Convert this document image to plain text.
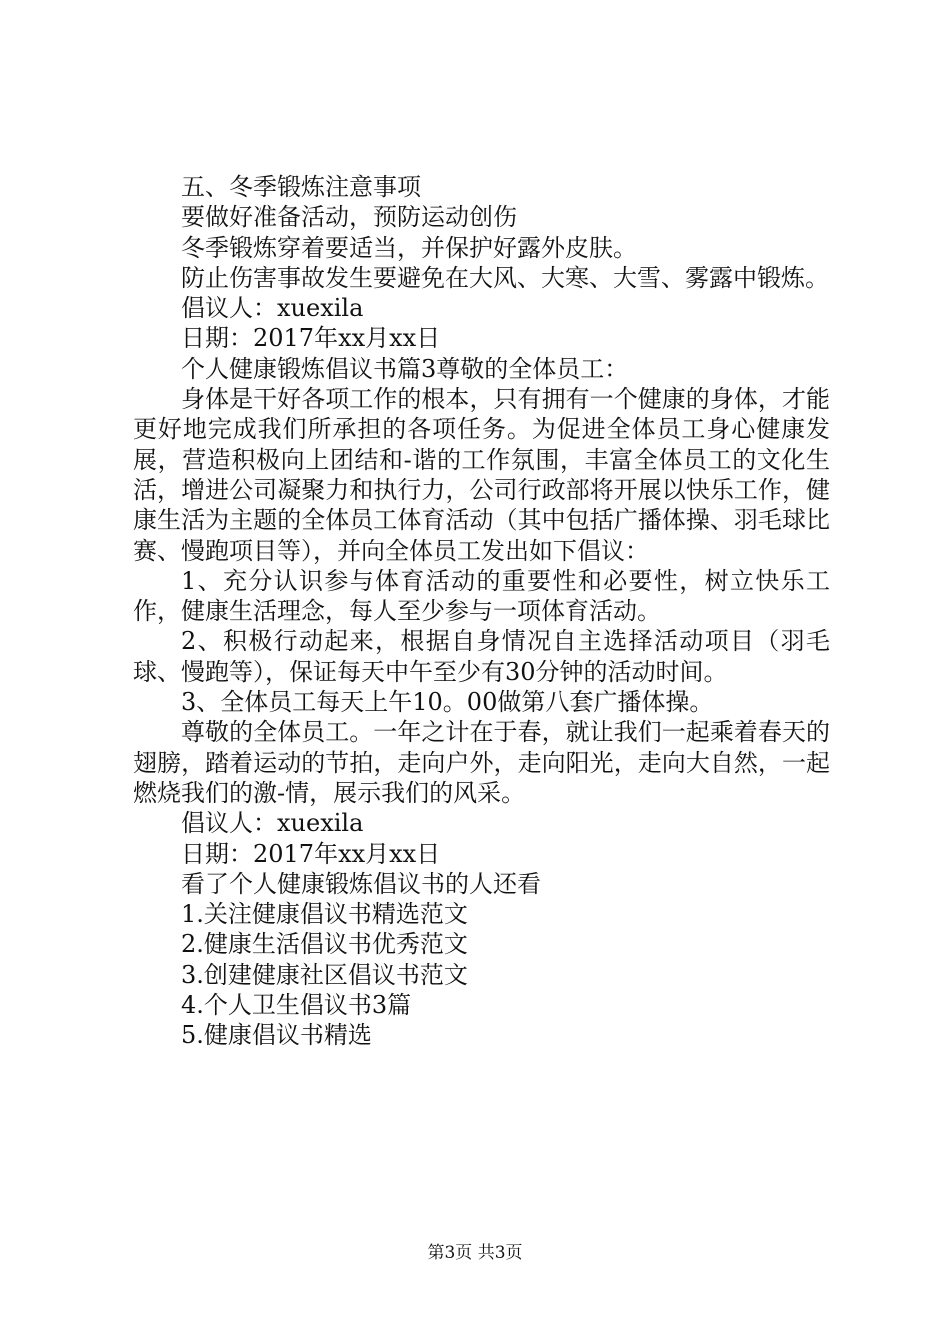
五、冬季锻炼注意事项

要做好准备活动，预防运动创伤

冬季锻炼穿着要适当，并保护好露外皮肤。

防止伤害事故发生要避免在大风、大寒、大雪、雾露中锻炼。

倡议人：xuexila

日期：2017年xx月xx日

个人健康锻炼倡议书篇3尊敬的全体员工：

身体是干好各项工作的根本，只有拥有一个健康的身体，才能更好地完成我们所承担的各项任务。为促进全体员工身心健康发展，营造积极向上团结和-谐的工作氛围，丰富全体员工的文化生活，增进公司凝聚力和执行力，公司行政部将开展以快乐工作，健康生活为主题的全体员工体育活动（其中包括广播体操、羽毛球比赛、慢跑项目等），并向全体员工发出如下倡议：

1、充分认识参与体育活动的重要性和必要性，树立快乐工作，健康生活理念，每人至少参与一项体育活动。

2、积极行动起来，根据自身情况自主选择活动项目（羽毛球、慢跑等），保证每天中午至少有30分钟的活动时间。

3、全体员工每天上午10。00做第八套广播体操。

尊敬的全体员工。一年之计在于春，就让我们一起乘着春天的翅膀，踏着运动的节拍，走向户外，走向阳光，走向大自然，一起燃烧我们的激-情，展示我们的风采。

倡议人：xuexila

日期：2017年xx月xx日

看了个人健康锻炼倡议书的人还看

1.关注健康倡议书精选范文

2.健康生活倡议书优秀范文

3.创建健康社区倡议书范文

4.个人卫生倡议书3篇

5.健康倡议书精选

第3页 共3页
